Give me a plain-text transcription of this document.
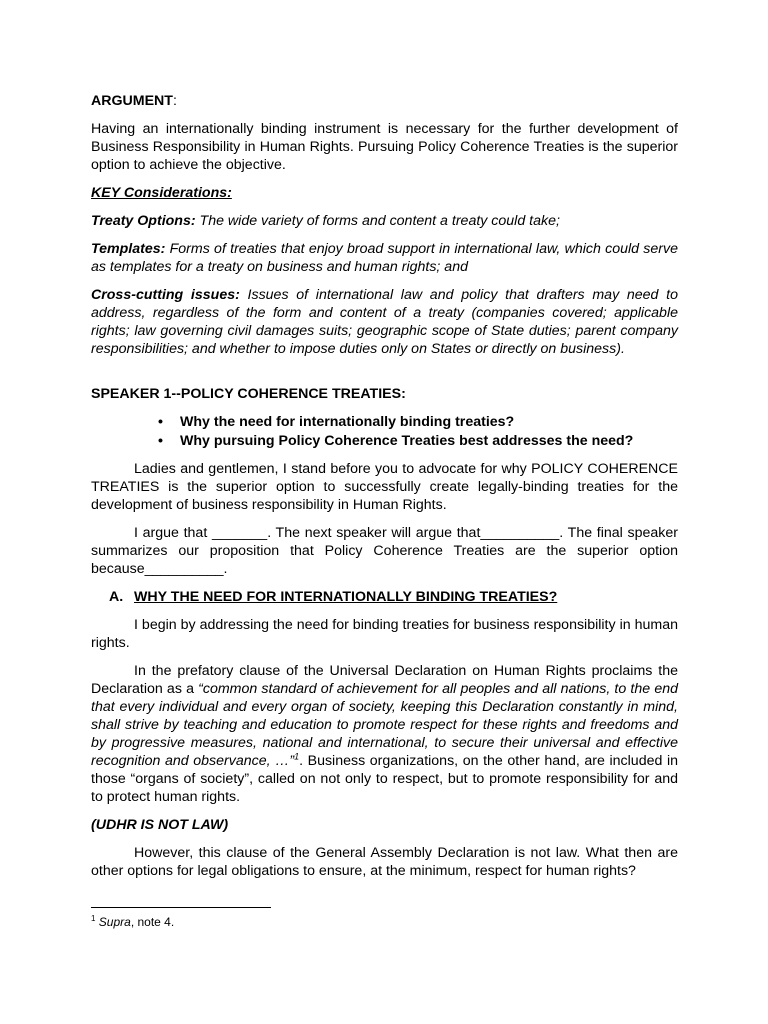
ARGUMENT:

Having an internationally binding instrument is necessary for the further development of Business Responsibility in Human Rights. Pursuing Policy Coherence Treaties is the superior option to achieve the objective.

KEY Considerations:

Treaty Options: The wide variety of forms and content a treaty could take;

Templates: Forms of treaties that enjoy broad support in international law, which could serve as templates for a treaty on business and human rights; and

Cross-cutting issues: Issues of international law and policy that drafters may need to address, regardless of the form and content of a treaty (companies covered; applicable rights; law governing civil damages suits; geographic scope of State duties; parent company responsibilities; and whether to impose duties only on States or directly on business).

SPEAKER 1--POLICY COHERENCE TREATIES:

• Why the need for internationally binding treaties?
• Why pursuing Policy Coherence Treaties best addresses the need?

Ladies and gentlemen, I stand before you to advocate for why POLICY COHERENCE TREATIES is the superior option to successfully create legally-binding treaties for the development of business responsibility in Human Rights.

I argue that _______. The next speaker will argue that__________. The final speaker summarizes our proposition that Policy Coherence Treaties are the superior option because__________.

A. WHY THE NEED FOR INTERNATIONALLY BINDING TREATIES?

I begin by addressing the need for binding treaties for business responsibility in human rights.

In the prefatory clause of the Universal Declaration on Human Rights proclaims the Declaration as a “common standard of achievement for all peoples and all nations, to the end that every individual and every organ of society, keeping this Declaration constantly in mind, shall strive by teaching and education to promote respect for these rights and freedoms and by progressive measures, national and international, to secure their universal and effective recognition and observance, …”$^1$. Business organizations, on the other hand, are included in those “organs of society”, called on not only to respect, but to promote responsibility for and to protect human rights.

(UDHR IS NOT LAW)

However, this clause of the General Assembly Declaration is not law. What then are other options for legal obligations to ensure, at the minimum, respect for human rights?

$^1$ Supra, note 4.
